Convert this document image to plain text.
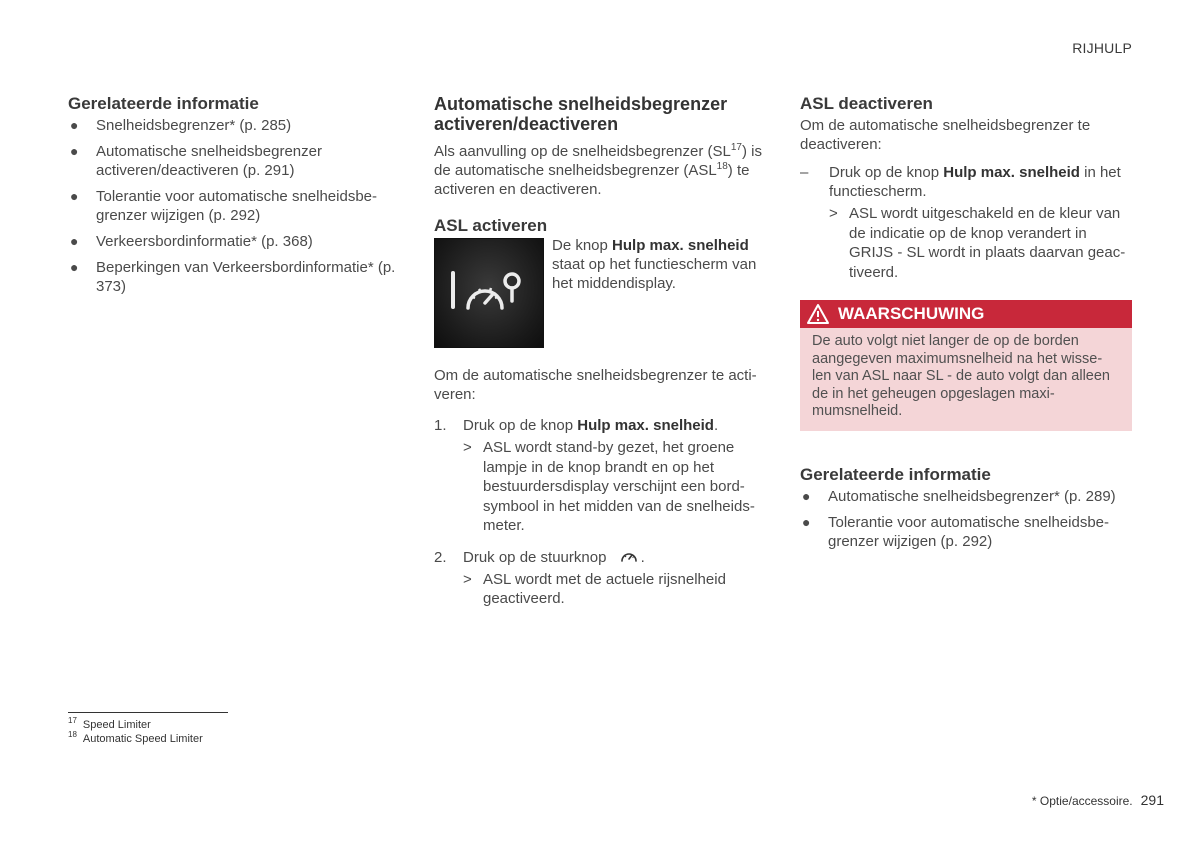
RIJHULP
Gerelateerde informatie
● Snelheidsbegrenzer* (p. 285)
● Automatische snelheidsbegrenzer activeren/deactiveren (p. 291)
● Tolerantie voor automatische snelheidsbe-grenzer wijzigen (p. 292)
● Verkeersbordinformatie* (p. 368)
● Beperkingen van Verkeersbordinformatie* (p. 373)
Automatische snelheidsbegrenzer activeren/deactiveren

Als aanvulling op de snelheidsbegrenzer (SL$^{17}$) is de automatische snelheidsbegrenzer (ASL$^{18}$) te activeren en deactiveren.

ASL activeren

De knop Hulp max. snelheid staat op het functiescherm van het middendisplay.

Om de automatische snelheidsbegrenzer te acti-veren:

1. Druk op de knop Hulp max. snelheid.
> ASL wordt stand-by gezet, het groene lampje in de knop brandt en op het bestuurdersdisplay verschijnt een bord-symbool in het midden van de snelheids-meter.
2. Druk op de stuurknop .
> ASL wordt met de actuele rijsnelheid geactiveerd.
ASL deactiveren

Om de automatische snelheidsbegrenzer te deactiveren:

– Druk op de knop Hulp max. snelheid in het functiescherm.
> ASL wordt uitgeschakeld en de kleur van de indicatie op de knop verandert in GRIJS - SL wordt in plaats daarvan geac-tiveerd.
WAARSCHUWING
De auto volgt niet langer de op de borden aangegeven maximumsnelheid na het wisse-len van ASL naar SL - de auto volgt dan alleen de in het geheugen opgeslagen maxi-mumsnelheid.
Gerelateerde informatie
● Automatische snelheidsbegrenzer* (p. 289)
● Tolerantie voor automatische snelheidsbe-grenzer wijzigen (p. 292)
$^{17}$ Speed Limiter
$^{18}$ Automatic Speed Limiter
* Optie/accessoire. 291
